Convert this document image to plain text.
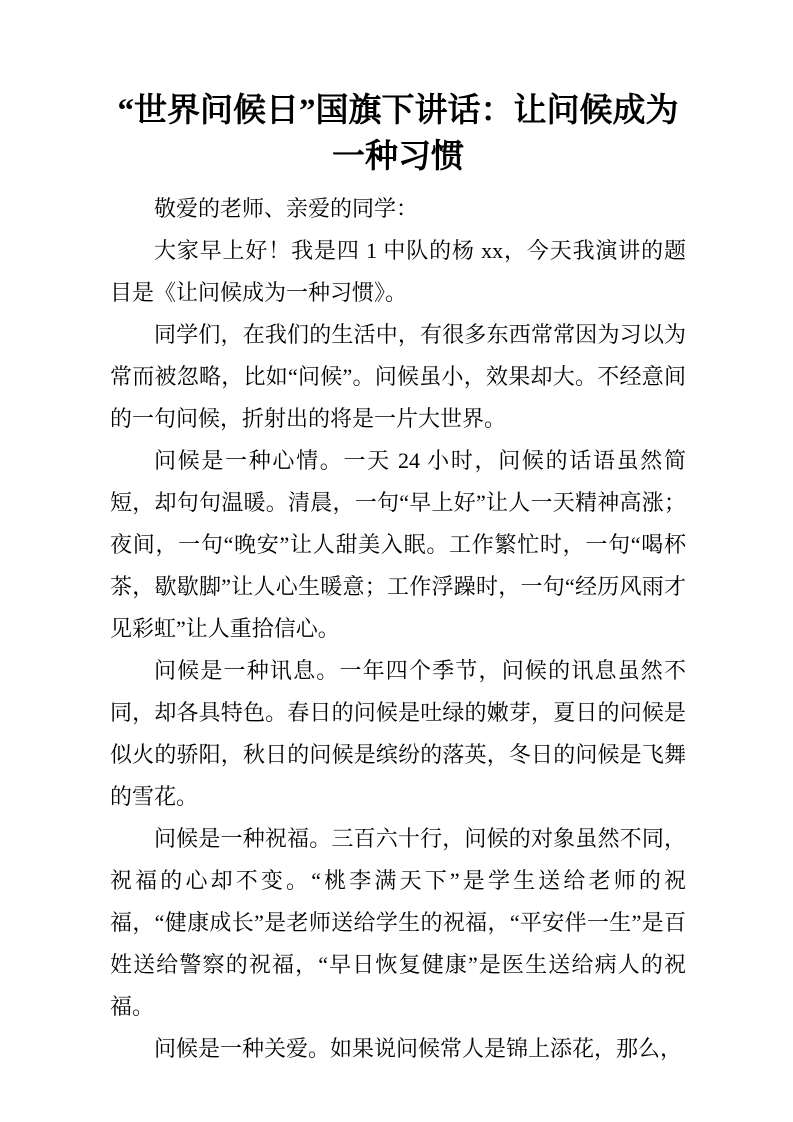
“世界问候日”国旗下讲话：让问候成为一种习惯

敬爱的老师、亲爱的同学：

大家早上好！我是四 1 中队的杨 xx，今天我演讲的题目是《让问候成为一种习惯》。

同学们，在我们的生活中，有很多东西常常因为习以为常而被忽略，比如“问候”。问候虽小，效果却大。不经意间的一句问候，折射出的将是一片大世界。

问候是一种心情。一天 24 小时，问候的话语虽然简短，却句句温暖。清晨，一句“早上好”让人一天精神高涨；夜间，一句“晚安”让人甜美入眠。工作繁忙时，一句“喝杯茶，歇歇脚”让人心生暖意；工作浮躁时，一句“经历风雨才见彩虹”让人重拾信心。

问候是一种讯息。一年四个季节，问候的讯息虽然不同，却各具特色。春日的问候是吐绿的嫩芽，夏日的问候是似火的骄阳，秋日的问候是缤纷的落英，冬日的问候是飞舞的雪花。

问候是一种祝福。三百六十行，问候的对象虽然不同，祝福的心却不变。“桃李满天下”是学生送给老师的祝福，“健康成长”是老师送给学生的祝福，“平安伴一生”是百姓送给警察的祝福，“早日恢复健康”是医生送给病人的祝福。

问候是一种关爱。如果说问候常人是锦上添花，那么，
